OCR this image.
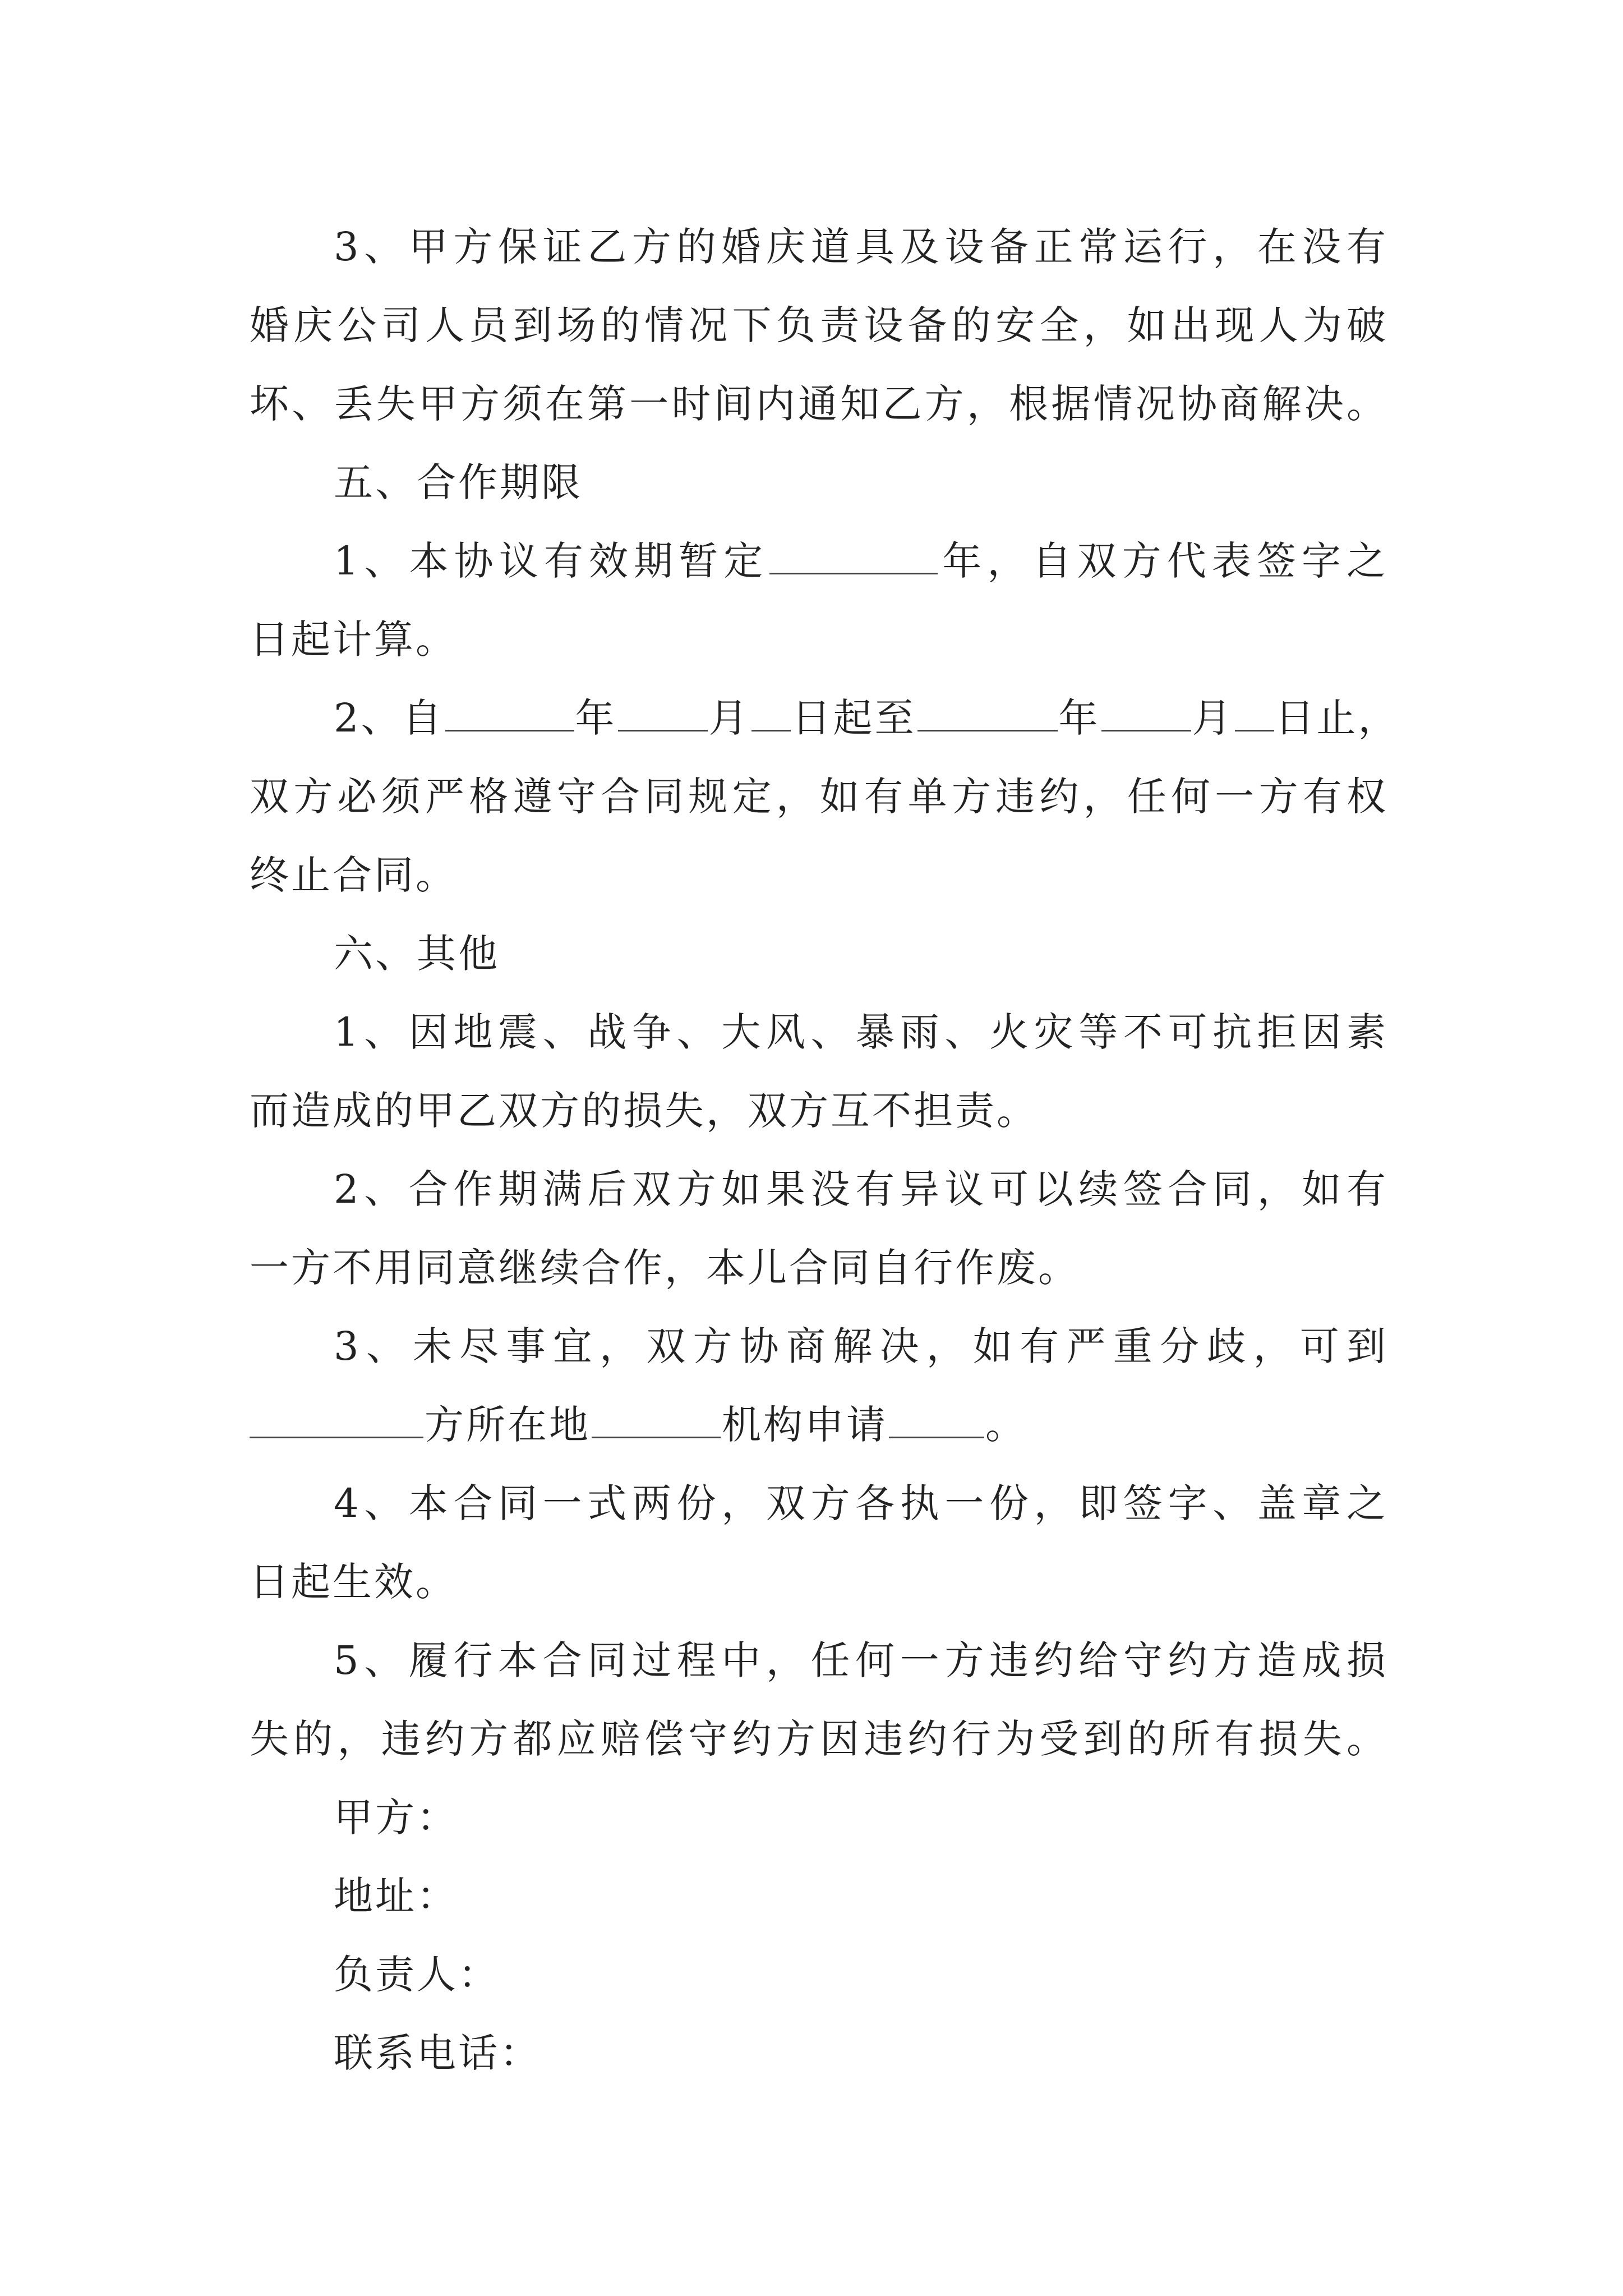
3、甲方保证乙方的婚庆道具及设备正常运行，在没有
婚庆公司人员到场的情况下负责设备的安全，如出现人为破
坏、丢失甲方须在第一时间内通知乙方，根据情况协商解决。
五、合作期限
1、本协议有效期暂定	年，自双方代表签字之
日起计算。
2、自	年 月 日起至	年 月 日止，
双方必须严格遵守合同规定，如有单方违约，任何一方有权
终止合同。
六、其他
1、因地震、战争、大风、暴雨、火灾等不可抗拒因素
而造成的甲乙双方的损失，双方互不担责。
2、合作期满后双方如果没有异议可以续签合同，如有
一方不用同意继续合作，本儿合同自行作废。
3、未尽事宜，双方协商解决，如有严重分歧，可到
方所在地	机构申请 。
4、本合同一式两份，双方各执一份，即签字、盖章之
日起生效。
5、履行本合同过程中，任何一方违约给守约方造成损
失的，违约方都应赔偿守约方因违约行为受到的所有损失。
甲方：
地址：
负责人：
联系电话：
